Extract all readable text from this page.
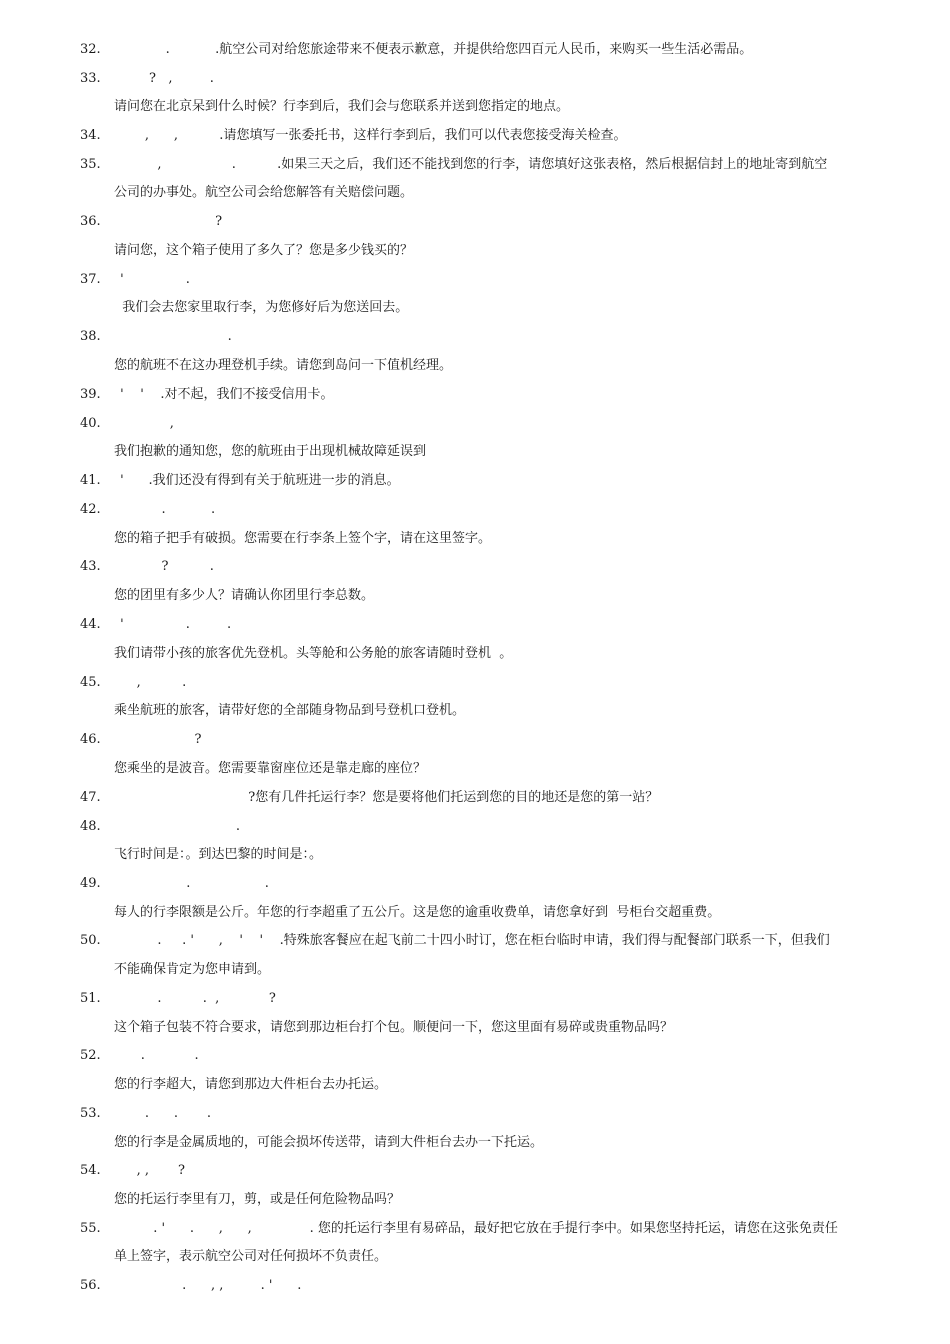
32.            .           .航空公司对给您旅途带来不便表示歉意，并提供给您四百元人民币，来购买一些生活必需品。
33.        ?   ,         .
请问您在北京呆到什么时候？行李到后，我们会与您联系并送到您指定的地点。
34.       ,      ,          .请您填写一张委托书，这样行李到后，我们可以代表您接受海关检查。
35.          ,                 .          .如果三天之后，我们还不能找到您的行李，请您填好这张表格，然后根据信封上的地址寄到航空
公司的办事处。航空公司会给您解答有关赔偿问题。
36.                        ?
请问您，这个箱子使用了多久了？您是多少钱买的？
37. '               .
我们会去您家里取行李，为您修好后为您送回去。
38.                           .
您的航班不在这办理登机手续。请您到岛问一下值机经理。
39. '    '    .对不起，我们不接受信用卡。
40.             ,
我们抱歉的通知您，您的航班由于出现机械故障延误到
41. '      .我们还没有得到有关于航班进一步的消息。
42.           .           .
您的箱子把手有破损。您需要在行李条上签个字，请在这里签字。
43.           ?          .
您的团里有多少人？请确认你团里行李总数。
44. '               .         .
我们请带小孩的旅客优先登机。头等舱和公务舱的旅客请随时登机  。
45.     ,          .
乘坐航班的旅客，请带好您的全部随身物品到号登机口登机。
46.                   ?
您乘坐的是波音。您需要靠窗座位还是靠走廊的座位？
47.                                ?您有几件托运行李？您是要将他们托运到您的目的地还是您的第一站？
48.                             .
飞行时间是：。到达巴黎的时间是：。
49.                 .                  .
每人的行李限额是公斤。年您的行李超重了五公斤。这是您的逾重收费单，请您拿好到  号柜台交超重费。
50.          .     . '      ,    '    '    .特殊旅客餐应在起飞前二十四小时订，您在柜台临时申请，我们得与配餐部门联系一下，但我们
不能确保肯定为您申请到。
51.          .          .  ,            ?
这个箱子包装不符合要求，请您到那边柜台打个包。顺便问一下，您这里面有易碎或贵重物品吗？
52.      .            .
您的行李超大，请您到那边大件柜台去办托运。
53.       .      .       .
您的行李是金属质地的，可能会损坏传送带，请到大件柜台去办一下托运。
54.     , ,       ?
您的托运行李里有刀，剪，或是任何危险物品吗？
55.         . '      .      ,      ,              . 您的托运行李里有易碎品，最好把它放在手提行李中。如果您坚持托运，请您在这张免责任
单上签字，表示航空公司对任何损坏不负责任。
56.                .      , ,         . '      .
